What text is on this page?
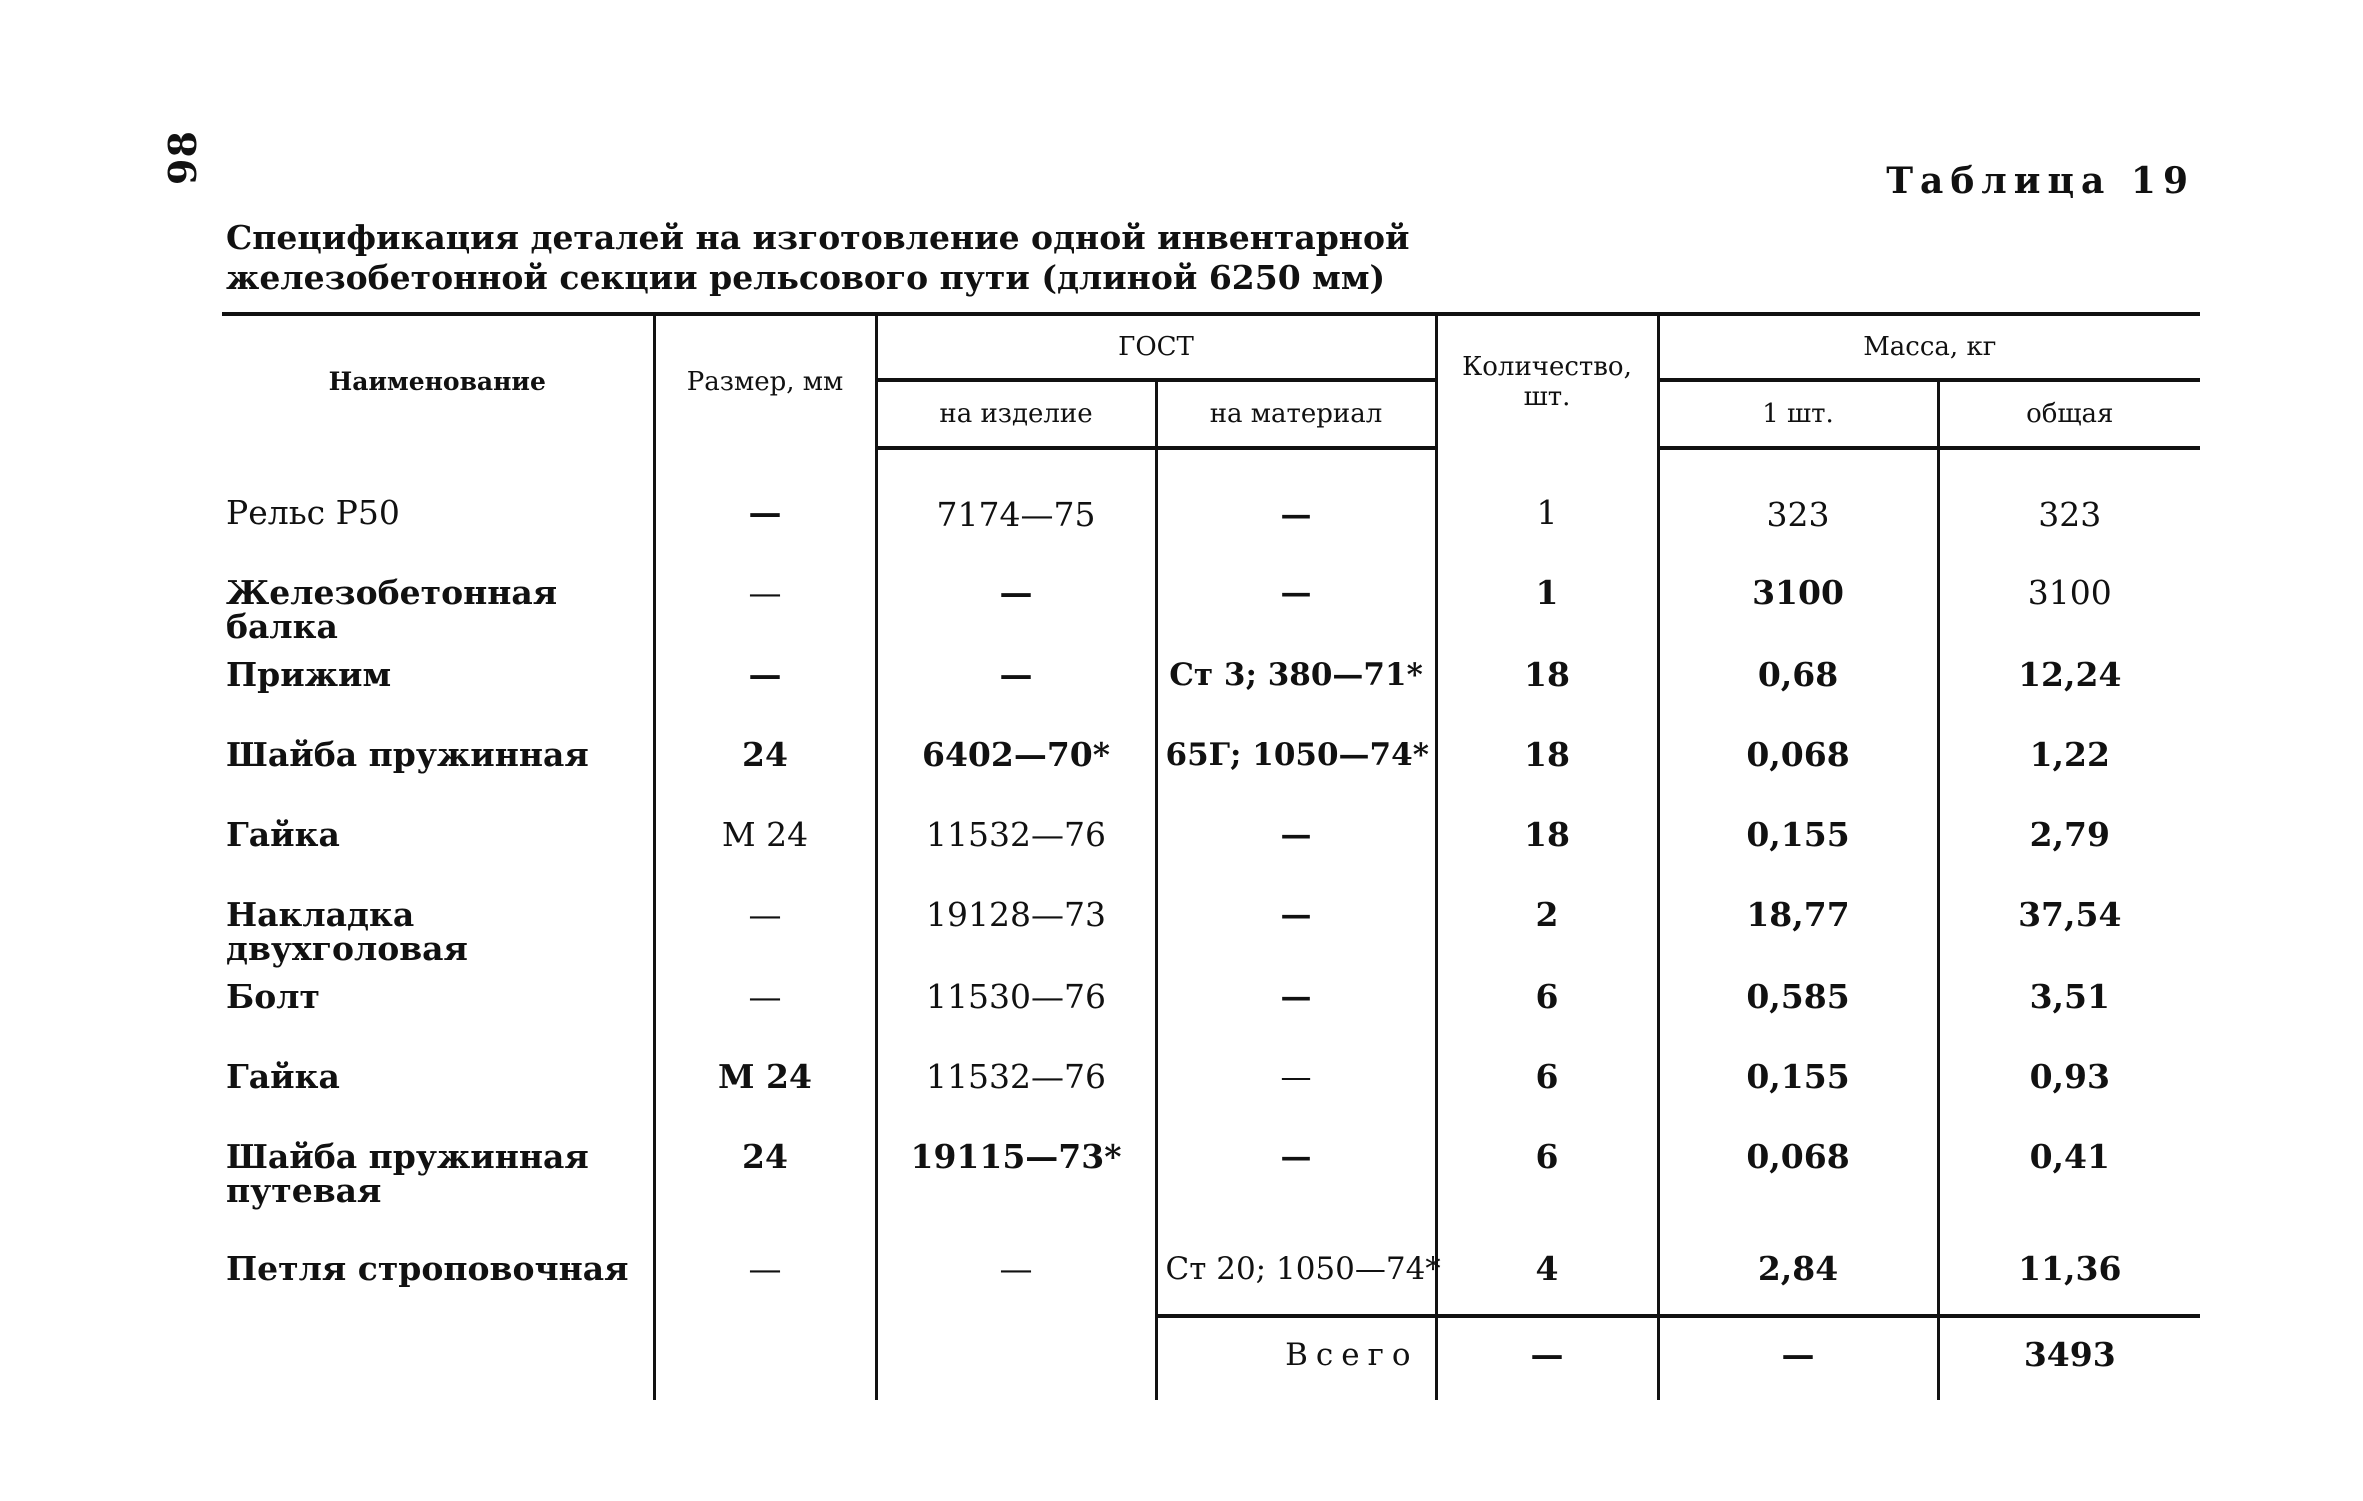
98	Таблица 19
Спецификация деталей на изготовление одной инвентарной
железобетонной секции рельсового пути (длиной 6250 мм)
Наименование	Размер, мм	ГОСТ		Количество, шт.	Масса, кг	
		на изделие	на материал		1 шт.	общая
Рельс Р50	—	7174—75	—	1	323	323
Железобетонная балка	—	—	—	1	3100	3100
Прижим	—	—	Ст 3; 380—71*	18	0,68	12,24
Шайба пружинная	24	6402—70*	65Г; 1050—74*	18	0,068	1,22
Гайка	М 24	11532—76	—	18	0,155	2,79
Накладка двухголовая	—	19128—73	—	2	18,77	37,54
Болт	—	11530—76	—	6	0,585	3,51
Гайка	М 24	11532—76	—	6	0,155	0,93
Шайба пружинная путевая	24	19115—73*	—	6	0,068	0,41
Петля строповочная	—	—	Ст 20; 1050—74*	4	2,84	11,36
			Всего	—	—	3493
